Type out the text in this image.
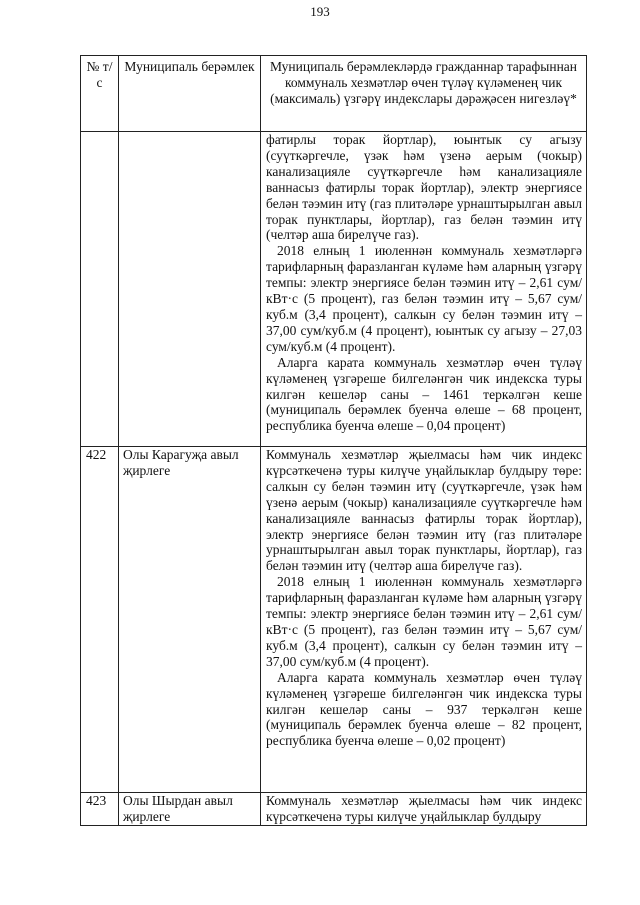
193
№ т/с	Муниципаль берәмлек	Муниципаль берәмлекләрдә гражданнар тарафыннан коммуналь хезмәтләр өчен түләү күләменең чик (максималь) үзгәрү индекслары дәрәҗәсен нигезләү*

		фатирлы торак йортлар), юынтык су агызу (суүткәргечле, үзәк һәм үзенә аерым (чокыр) канализацияле суүткәргечле һәм канализацияле ваннасыз фатирлы торак йортлар), электр энергиясе белән тәэмин итү (газ плитәләре урнаштырылган авыл торак пунктлары, йортлар), газ белән тәэмин итү (челтәр аша бирелүче газ).

2018 елның 1 июленнән коммуналь хезмәтләргә тарифларның фаразланган күләме һәм аларның үзгәрү темпы: электр энергиясе белән тәэмин итү – 2,61 сум/кВт·с (5 процент), газ белән тәэмин итү – 5,67 сум/куб.м (3,4 процент), салкын су белән тәэмин итү – 37,00 сум/куб.м (4 процент), юынтык су агызу – 27,03 сум/куб.м (4 процент).

Аларга карата коммуналь хезмәтләр өчен түләү күләменең үзгәреше билгеләнгән чик индекска туры килгән кешеләр саны – 1461 теркәлгән кеше (муниципаль берәмлек буенча өлеше – 68 процент, республика буенча өлеше – 0,04 процент)

422	Олы Карагуҗа авыл җирлеге	Коммуналь хезмәтләр җыелмасы һәм чик индекс күрсәткеченә туры килүче уңайлыклар булдыру төре: салкын су белән тәэмин итү (суүткәргечле, үзәк һәм үзенә аерым (чокыр) канализацияле суүткәргечле һәм канализацияле ваннасыз фатирлы торак йортлар), электр энергиясе белән тәэмин итү (газ плитәләре урнаштырылган авыл торак пунктлары, йортлар), газ белән тәэмин итү (челтәр аша бирелүче газ).

2018 елның 1 июленнән коммуналь хезмәтләргә тарифларның фаразланган күләме һәм аларның үзгәрү темпы: электр энергиясе белән тәэмин итү – 2,61 сум/кВт·с (5 процент), газ белән тәэмин итү – 5,67 сум/куб.м (3,4 процент), салкын су белән тәэмин итү – 37,00 сум/куб.м (4 процент).

Аларга карата коммуналь хезмәтләр өчен түләү күләменең үзгәреше билгеләнгән чик индекска туры килгән кешеләр саны – 937 теркәлгән кеше (муниципаль берәмлек буенча өлеше – 82 процент, республика буенча өлеше – 0,02 процент)

423	Олы Шырдан авыл җирлеге	Коммуналь хезмәтләр җыелмасы һәм чик индекс күрсәткеченә туры килүче уңайлыклар булдыру
